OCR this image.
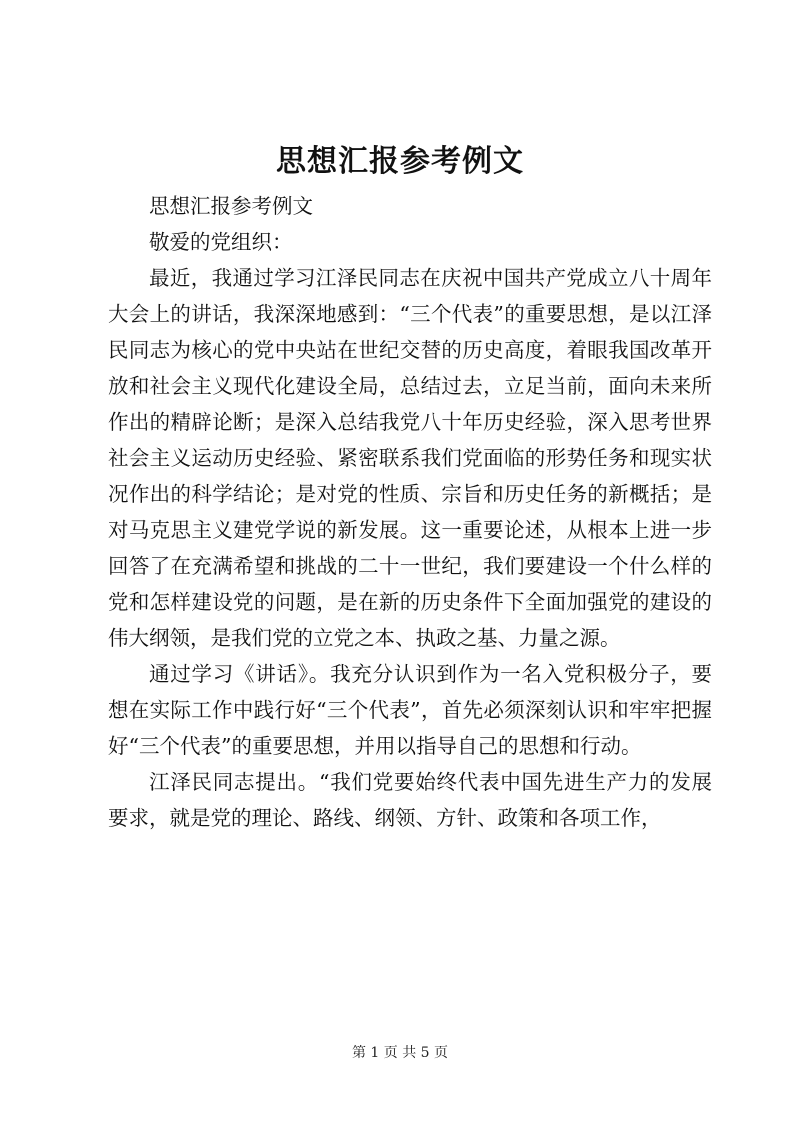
思想汇报参考例文

思想汇报参考例文

敬爱的党组织：

最近，我通过学习江泽民同志在庆祝中国共产党成立八十周年大会上的讲话，我深深地感到：“三个代表”的重要思想，是以江泽民同志为核心的党中央站在世纪交替的历史高度，着眼我国改革开放和社会主义现代化建设全局，总结过去，立足当前，面向未来所作出的精辟论断；是深入总结我党八十年历史经验，深入思考世界社会主义运动历史经验、紧密联系我们党面临的形势任务和现实状况作出的科学结论；是对党的性质、宗旨和历史任务的新概括；是对马克思主义建党学说的新发展。这一重要论述，从根本上进一步回答了在充满希望和挑战的二十一世纪，我们要建设一个什么样的党和怎样建设党的问题，是在新的历史条件下全面加强党的建设的伟大纲领，是我们党的立党之本、执政之基、力量之源。

通过学习《讲话》。我充分认识到作为一名入党积极分子，要想在实际工作中践行好“三个代表”，首先必须深刻认识和牢牢把握好“三个代表”的重要思想，并用以指导自己的思想和行动。

江泽民同志提出。“我们党要始终代表中国先进生产力的发展要求，就是党的理论、路线、纲领、方针、政策和各项工作，

第 1 页 共 5 页
